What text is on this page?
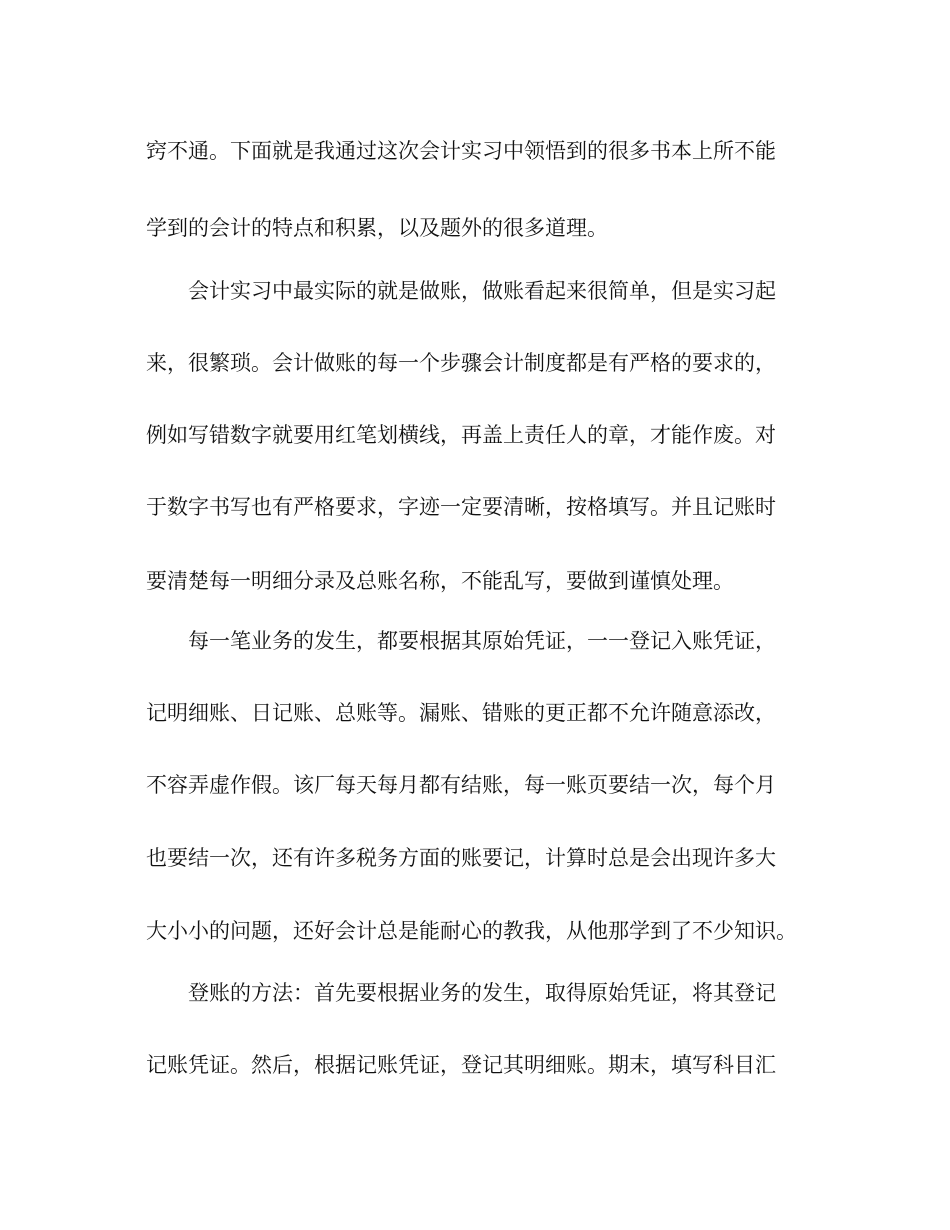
窍不通。下面就是我通过这次会计实习中领悟到的很多书本上所不能
学到的会计的特点和积累，以及题外的很多道理。
会计实习中最实际的就是做账，做账看起来很简单，但是实习起
来，很繁琐。会计做账的每一个步骤会计制度都是有严格的要求的，
例如写错数字就要用红笔划横线，再盖上责任人的章，才能作废。对
于数字书写也有严格要求，字迹一定要清晰，按格填写。并且记账时
要清楚每一明细分录及总账名称，不能乱写，要做到谨慎处理。
每一笔业务的发生，都要根据其原始凭证，一一登记入账凭证，
记明细账、日记账、总账等。漏账、错账的更正都不允许随意添改，
不容弄虚作假。该厂每天每月都有结账，每一账页要结一次，每个月
也要结一次，还有许多税务方面的账要记，计算时总是会出现许多大
大小小的问题，还好会计总是能耐心的教我，从他那学到了不少知识。
登账的方法：首先要根据业务的发生，取得原始凭证，将其登记
记账凭证。然后，根据记账凭证，登记其明细账。期末，填写科目汇
